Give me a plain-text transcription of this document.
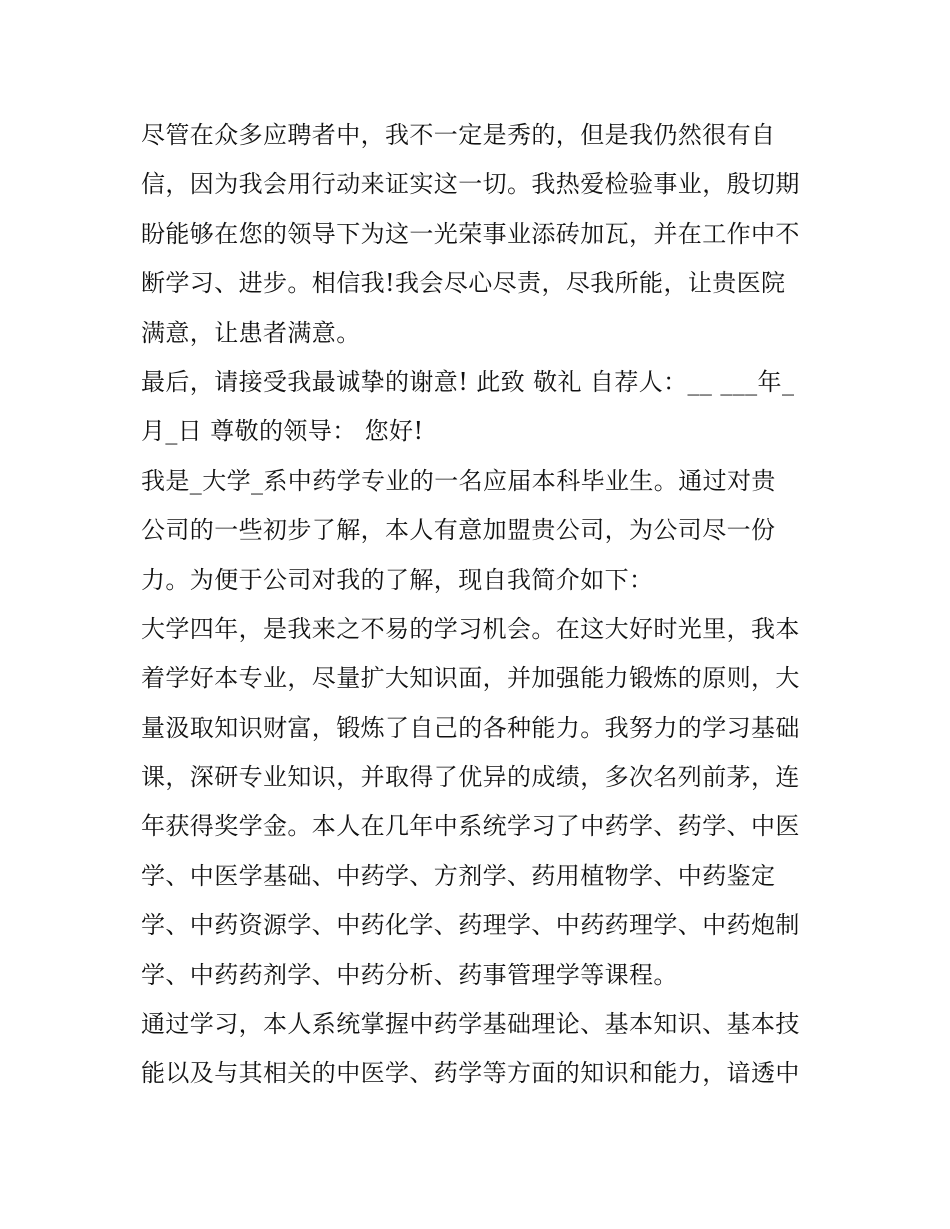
尽管在众多应聘者中，我不一定是秀的，但是我仍然很有自
信，因为我会用行动来证实这一切。我热爱检验事业，殷切期
盼能够在您的领导下为这一光荣事业添砖加瓦，并在工作中不
断学习、进步。相信我!我会尽心尽责，尽我所能，让贵医院
满意，让患者满意。
最后，请接受我最诚挚的谢意! 此致 敬礼 自荐人：__ ___年_
月_日 尊敬的领导： 您好!
我是_大学_系中药学专业的一名应届本科毕业生。通过对贵
公司的一些初步了解，本人有意加盟贵公司，为公司尽一份
力。为便于公司对我的了解，现自我简介如下：
大学四年，是我来之不易的学习机会。在这大好时光里，我本
着学好本专业，尽量扩大知识面，并加强能力锻炼的原则，大
量汲取知识财富，锻炼了自己的各种能力。我努力的学习基础
课，深研专业知识，并取得了优异的成绩，多次名列前茅，连
年获得奖学金。本人在几年中系统学习了中药学、药学、中医
学、中医学基础、中药学、方剂学、药用植物学、中药鉴定
学、中药资源学、中药化学、药理学、中药药理学、中药炮制
学、中药药剂学、中药分析、药事管理学等课程。
通过学习，本人系统掌握中药学基础理论、基本知识、基本技
能以及与其相关的中医学、药学等方面的知识和能力，谙透中
